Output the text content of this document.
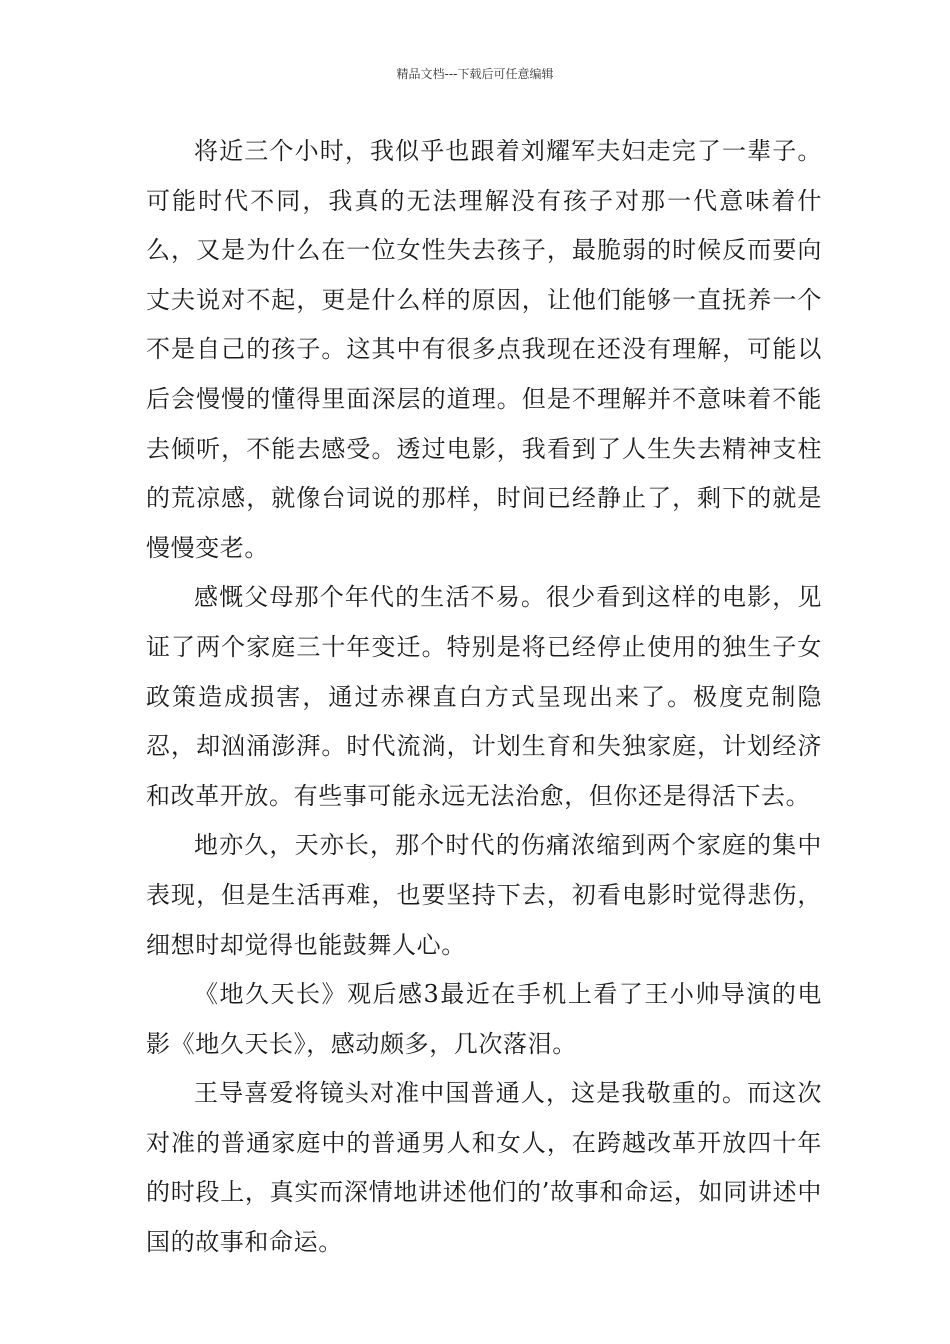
精品文档---下载后可任意编辑

将近三个小时，我似乎也跟着刘耀军夫妇走完了一辈子。可能时代不同，我真的无法理解没有孩子对那一代意味着什么，又是为什么在一位女性失去孩子，最脆弱的时候反而要向丈夫说对不起，更是什么样的原因，让他们能够一直抚养一个不是自己的孩子。这其中有很多点我现在还没有理解，可能以后会慢慢的懂得里面深层的道理。但是不理解并不意味着不能去倾听，不能去感受。透过电影，我看到了人生失去精神支柱的荒凉感，就像台词说的那样，时间已经静止了，剩下的就是慢慢变老。

感慨父母那个年代的生活不易。很少看到这样的电影，见证了两个家庭三十年变迁。特别是将已经停止使用的独生子女政策造成损害，通过赤裸直白方式呈现出来了。极度克制隐忍，却汹涌澎湃。时代流淌，计划生育和失独家庭，计划经济和改革开放。有些事可能永远无法治愈，但你还是得活下去。

地亦久，天亦长，那个时代的伤痛浓缩到两个家庭的集中表现，但是生活再难，也要坚持下去，初看电影时觉得悲伤，细想时却觉得也能鼓舞人心。

《地久天长》观后感3最近在手机上看了王小帅导演的电影《地久天长》，感动颇多，几次落泪。

王导喜爱将镜头对准中国普通人，这是我敬重的。而这次对准的普通家庭中的普通男人和女人，在跨越改革开放四十年的时段上，真实而深情地讲述他们的’故事和命运，如同讲述中国的故事和命运。
